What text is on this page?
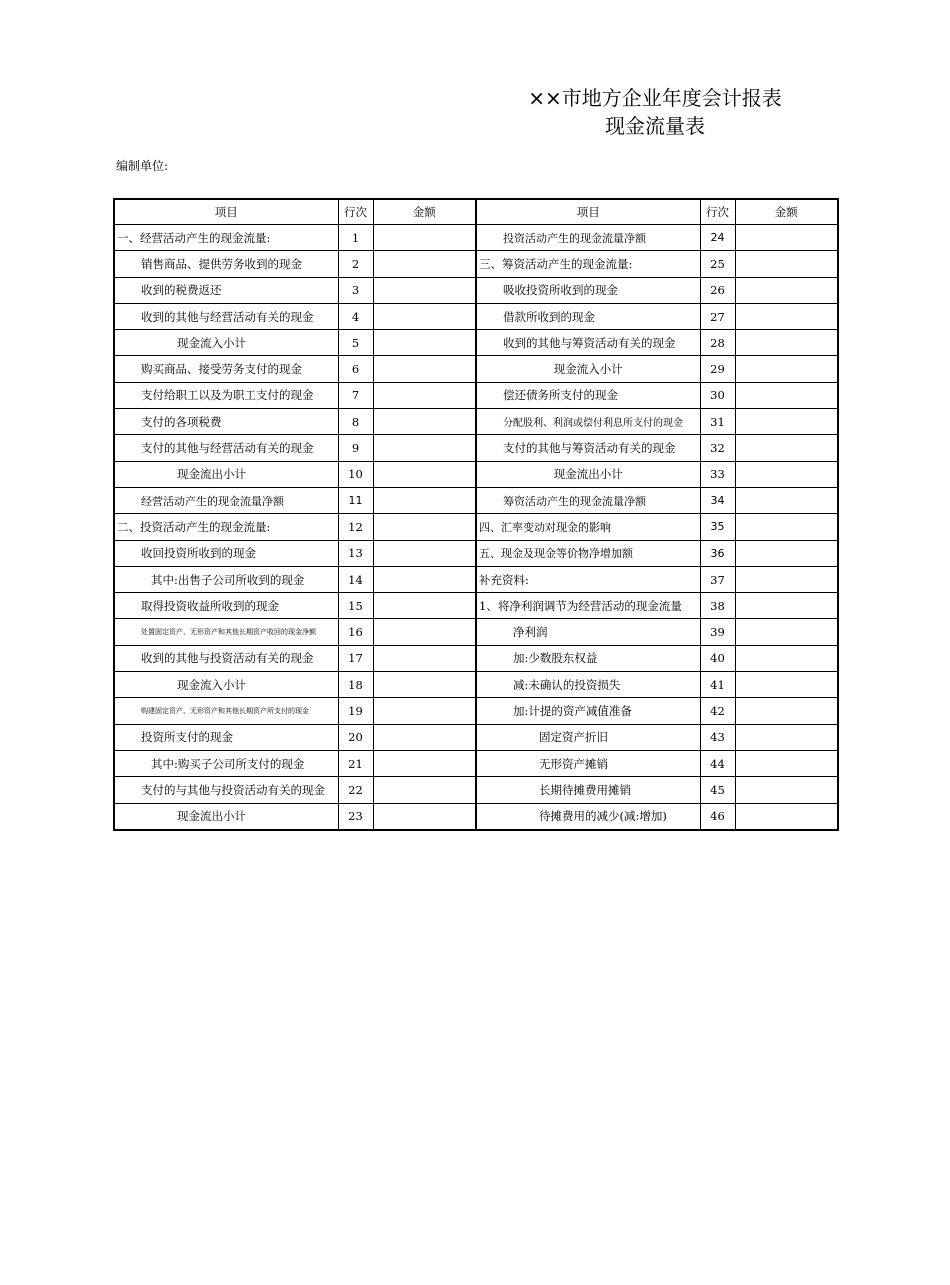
××市地方企业年度会计报表
现金流量表
编制单位:
项目	行次	金额	项目	行次	金额
一、经营活动产生的现金流量:	1		投资活动产生的现金流量净额	24	
销售商品、提供劳务收到的现金	2		三、筹资活动产生的现金流量:	25	
收到的税费返还	3		吸收投资所收到的现金	26	
收到的其他与经营活动有关的现金	4		借款所收到的现金	27	
现金流入小计	5		收到的其他与筹资活动有关的现金	28	
购买商品、接受劳务支付的现金	6		现金流入小计	29	
支付给职工以及为职工支付的现金	7		偿还债务所支付的现金	30	
支付的各项税费	8		分配股利、利润或偿付利息所支付的现金	31	
支付的其他与经营活动有关的现金	9		支付的其他与筹资活动有关的现金	32	
现金流出小计	10		现金流出小计	33	
经营活动产生的现金流量净额	11		筹资活动产生的现金流量净额	34	
二、投资活动产生的现金流量:	12		四、汇率变动对现金的影响	35	
收回投资所收到的现金	13		五、现金及现金等价物净增加额	36	
其中:出售子公司所收到的现金	14		补充资料:	37	
取得投资收益所收到的现金	15		1、将净利润调节为经营活动的现金流量	38	
处置固定资产、无形资产和其他长期资产收回的现金净额	16		净利润	39	
收到的其他与投资活动有关的现金	17		加:少数股东权益	40	
现金流入小计	18		减:未确认的投资损失	41	
购建固定资产、无形资产和其他长期资产所支付的现金	19		加:计提的资产减值准备	42	
投资所支付的现金	20		固定资产折旧	43	
其中:购买子公司所支付的现金	21		无形资产摊销	44	
支付的与其他与投资活动有关的现金	22		长期待摊费用摊销	45	
现金流出小计	23		待摊费用的减少(减:增加)	46	
